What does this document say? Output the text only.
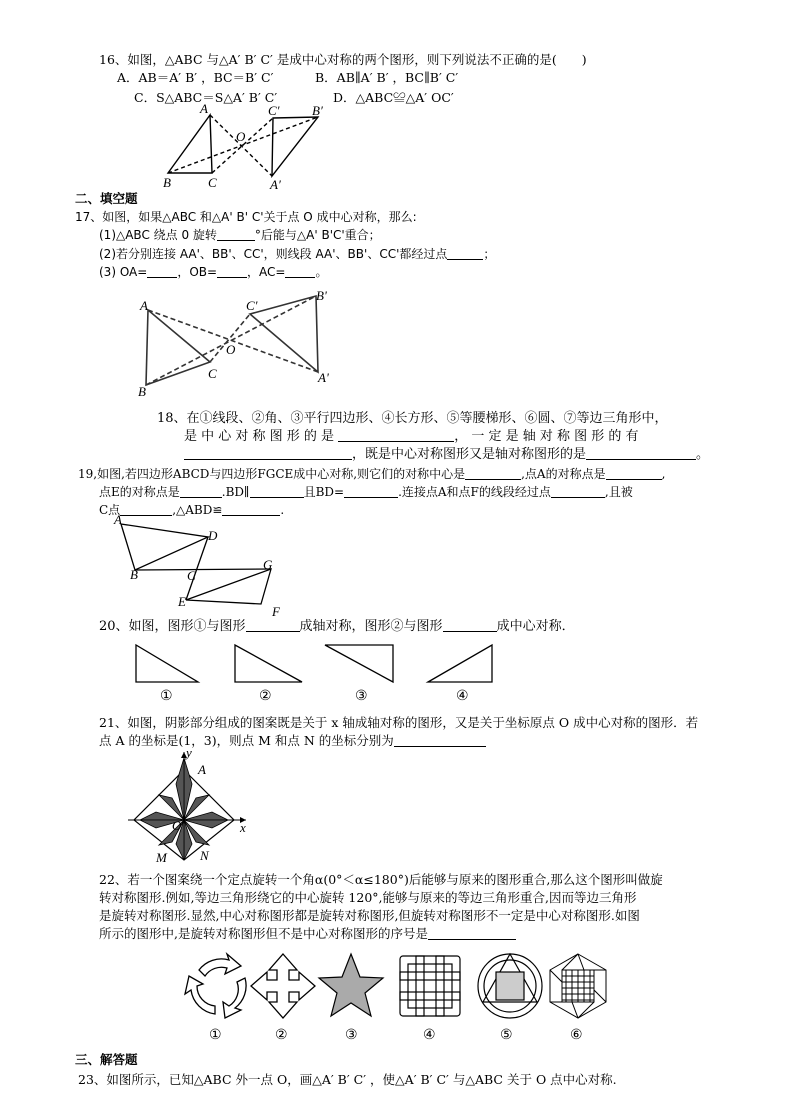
16、如图，△ABC 与△A′ B′ C′ 是成中心对称的两个图形，则下列说法不正确的是(　　)
A．AB＝A′ B′ ，BC＝B′ C′	B．AB∥A′ B′ ，BC∥B′ C′
C．S△ABC＝S△A′ B′ C′	D．△ABC≌△A′ OC′
A
B	C
O
C′ B′
A′
二、填空题
17、如图，如果△ABC 和△A' B' C'关于点 O 成中心对称，那么:
(1)△ABC 绕点 0 旋转	°后能与△A' B'C'重合；
(2)若分别连接 AA'、BB'、CC'，则线段 AA'、BB'、CC'都经过点	；
(3) OA=	，OB=	，AC=	。
A
B
C
O
C'
B'
A'
18、在①线段、②角、③平行四边形、④长方形、⑤等腰梯形、⑥圆、⑦等边三角形中，
是 中 心 对 称 图 形 的 是	， 一 定 是 轴 对 称 图 形 的 有
，既是中心对称图形又是轴对称图形的是	。
19,如图,若四边形ABCD与四边形FGCE成中心对称,则它们的对称中心是	,点A的对称点是	,
点E的对称点是	.BD∥	且BD=	.连接点A和点F的线段经过点	,且被
C点	,△ABD≌	.
A
B	C
D
E
F
G
20、如图，图形①与图形	成轴对称，图形②与图形	成中心对称．
①	②	③	④
21、如图，阴影部分组成的图案既是关于 x 轴成轴对称的图形，又是关于坐标原点 O 成中心对称的图形．若
点 A 的坐标是(1，3)，则点 M 和点 N 的坐标分别为
y
x
O
A
M	N
22、若一个图案绕一个定点旋转一个角α(0°＜α≤180°)后能够与原来的图形重合,那么这个图形叫做旋
转对称图形.例如,等边三角形绕它的中心旋转 120°,能够与原来的等边三角形重合,因而等边三角形
是旋转对称图形.显然,中心对称图形都是旋转对称图形,但旋转对称图形不一定是中心对称图形.如图
所示的图形中,是旋转对称图形但不是中心对称图形的序号是
①	②	③	④	⑤	⑥
三、解答题
23、如图所示，已知△ABC 外一点 O，画△A′ B′ C′ ，使△A′ B′ C′ 与△ABC 关于 O 点中心对称.
